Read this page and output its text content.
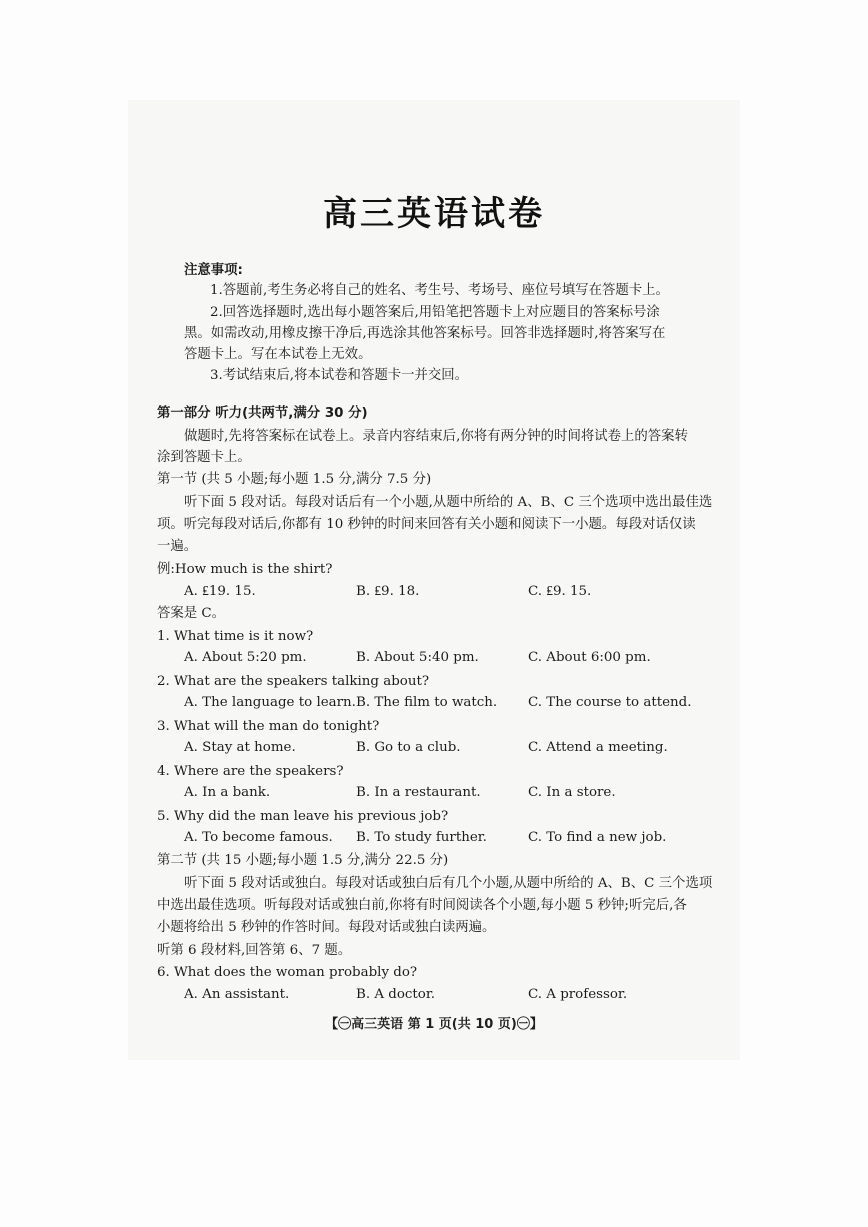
高三英语试卷
注意事项:
1.答题前,考生务必将自己的姓名、考生号、考场号、座位号填写在答题卡上。
2.回答选择题时,选出每小题答案后,用铅笔把答题卡上对应题目的答案标号涂
黑。如需改动,用橡皮擦干净后,再选涂其他答案标号。回答非选择题时,将答案写在
答题卡上。写在本试卷上无效。
3.考试结束后,将本试卷和答题卡一并交回。
第一部分 听力(共两节,满分 30 分)
做题时,先将答案标在试卷上。录音内容结束后,你将有两分钟的时间将试卷上的答案转
涂到答题卡上。
第一节 (共 5 小题;每小题 1.5 分,满分 7.5 分)
听下面 5 段对话。每段对话后有一个小题,从题中所给的 A、B、C 三个选项中选出最佳选
项。听完每段对话后,你都有 10 秒钟的时间来回答有关小题和阅读下一小题。每段对话仅读
一遍。
例:How much is the shirt?
A. ₤19. 15.	B. ₤9. 18.	C. ₤9. 15.
答案是 C。
1. What time is it now?
A. About 5:20 pm.	B. About 5:40 pm.	C. About 6:00 pm.
2. What are the speakers talking about?
A. The language to learn. B. The film to watch. C. The course to attend.
3. What will the man do tonight?
A. Stay at home.	B. Go to a club.	C. Attend a meeting.
4. Where are the speakers?
A. In a bank.	B. In a restaurant.	C. In a store.
5. Why did the man leave his previous job?
A. To become famous. B. To study further.	C. To find a new job.
第二节 (共 15 小题;每小题 1.5 分,满分 22.5 分)
听下面 5 段对话或独白。每段对话或独白后有几个小题,从题中所给的 A、B、C 三个选项
中选出最佳选项。听每段对话或独白前,你将有时间阅读各个小题,每小题 5 秒钟;听完后,各
小题将给出 5 秒钟的作答时间。每段对话或独白读两遍。
听第 6 段材料,回答第 6、7 题。
6. What does the woman probably do?
A. An assistant.	B. A doctor.	C. A professor.
【㊀高三英语 第 1 页(共 10 页)㊀】
